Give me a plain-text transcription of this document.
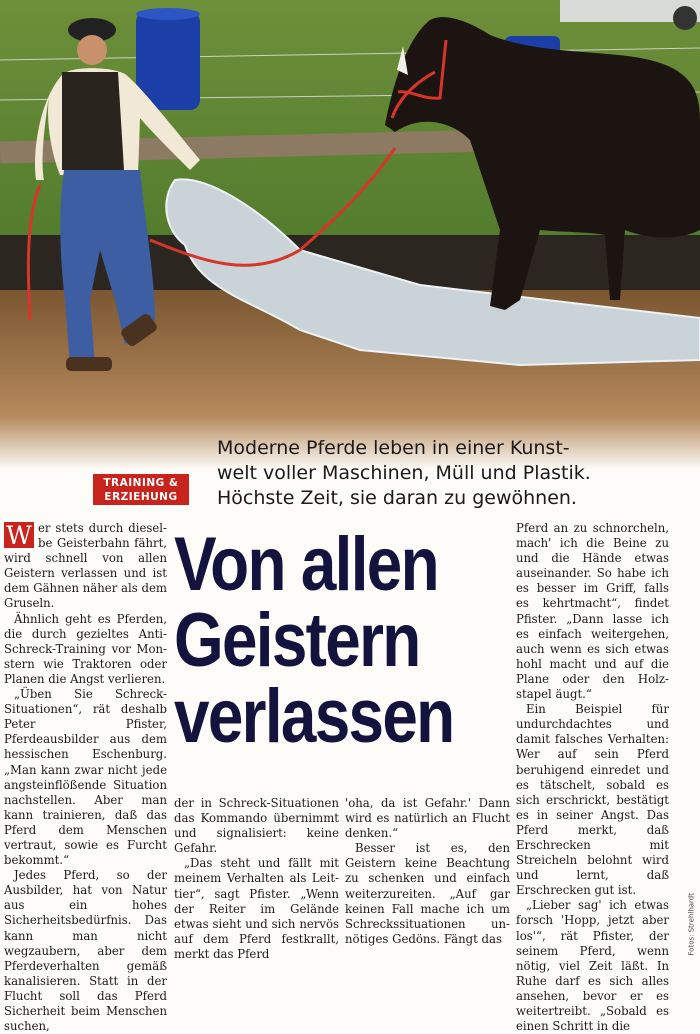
TRAINING &
ERZIEHUNG
Moderne Pferde leben in einer Kunst-
welt voller Maschinen, Müll und Plastik.
Höchste Zeit, sie daran zu gewöhnen.
Von allen
Geistern
verlassen

W er stets durch dieselbe Geisterbahn fährt, wird schnell von allen Geistern verlassen und ist dem Gähnen näher als dem Gruseln.

Ähnlich geht es Pferden, die durch gezieltes Anti-Schreck-Training vor Monstern wie Traktoren oder Planen die Angst verlieren.

„Üben Sie Schreck-Situationen“, rät deshalb Peter Pfister, Pferdeausbilder aus dem hessischen Eschenburg. „Man kann zwar nicht jede angsteinflößende Situation nachstellen. Aber man kann trainieren, daß das Pferd dem Menschen vertraut, sowie es Furcht bekommt.“

Jedes Pferd, so der Ausbilder, hat von Natur aus ein hohes Sicherheitsbedürfnis. Das kann man nicht wegzaubern, aber dem Pferdeverhalten gemäß kanalisieren. Statt in der Flucht soll das Pferd Sicherheit beim Menschen suchen,

der in Schreck-Situationen das Kommando übernimmt und signalisiert: keine Gefahr.

„Das steht und fällt mit meinem Verhalten als Leittier“, sagt Pfister. „Wenn der Reiter im Gelände etwas sieht und sich nervös auf dem Pferd festkrallt, merkt das Pferd

'oha, da ist Gefahr.' Dann wird es natürlich an Flucht denken.“

Besser ist es, den Geistern keine Beachtung zu schenken und einfach weiterzureiten. „Auf gar keinen Fall mache ich um Schreckssituationen unnötiges Gedöns. Fängt das

Pferd an zu schnorcheln, mach' ich die Beine zu und die Hände etwas auseinander. So habe ich es besser im Griff, falls es kehrtmacht“, findet Pfister. „Dann lasse ich es einfach weitergehen, auch wenn es sich etwas hohl macht und auf die Plane oder den Holzstapel äugt.“

Ein Beispiel für undurchdachtes und damit falsches Verhalten: Wer auf sein Pferd beruhigend einredet und es tätschelt, sobald es sich erschrickt, bestätigt es in seiner Angst. Das Pferd merkt, daß Erschrecken mit Streicheln belohnt wird und lernt, daß Erschrecken gut ist.

„Lieber sag' ich etwas forsch 'Hopp, jetzt aber los'“, rät Pfister, der seinem Pferd, wenn nötig, viel Zeit läßt. In Ruhe darf es sich alles ansehen, bevor er es weitertreibt. „Sobald es einen Schritt in die

Fotos: Strehlhardt
